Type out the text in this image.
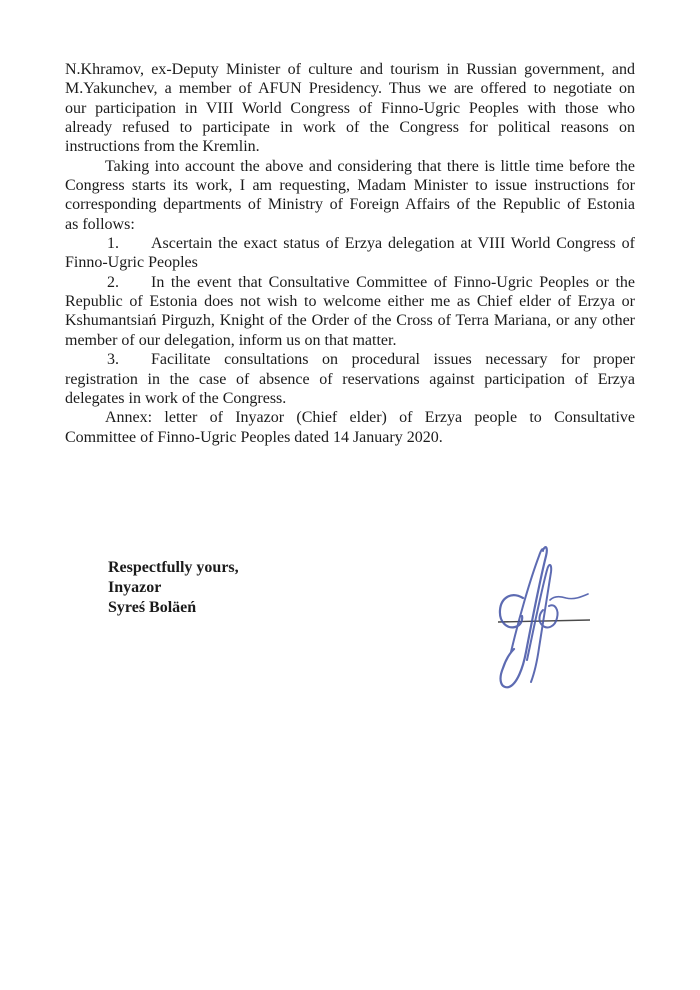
N.Khramov, ex-Deputy Minister of culture and tourism in Russian government, and
M.Yakunchev, a member of AFUN Presidency. Thus we are offered to negotiate on
our participation in VIII World Congress of Finno-Ugric Peoples with those who
already refused to participate in work of the Congress for political reasons on
instructions from the Kremlin.
Taking into account the above and considering that there is little time before the
Congress starts its work, I am requesting, Madam Minister to issue instructions for
corresponding departments of Ministry of Foreign Affairs of the Republic of Estonia
as follows:
1. Ascertain the exact status of Erzya delegation at VIII World Congress of
Finno-Ugric Peoples
2. In the event that Consultative Committee of Finno-Ugric Peoples or the
Republic of Estonia does not wish to welcome either me as Chief elder of Erzya or
Kshumantsiań Pirguzh, Knight of the Order of the Cross of Terra Mariana, or any other
member of our delegation, inform us on that matter.
3. Facilitate consultations on procedural issues necessary for proper
registration in the case of absence of reservations against participation of Erzya
delegates in work of the Congress.
Annex: letter of Inyazor (Chief elder) of Erzya people to Consultative
Committee of Finno-Ugric Peoples dated 14 January 2020.
Respectfully yours,
Inyazor
Syreś Boläeń
